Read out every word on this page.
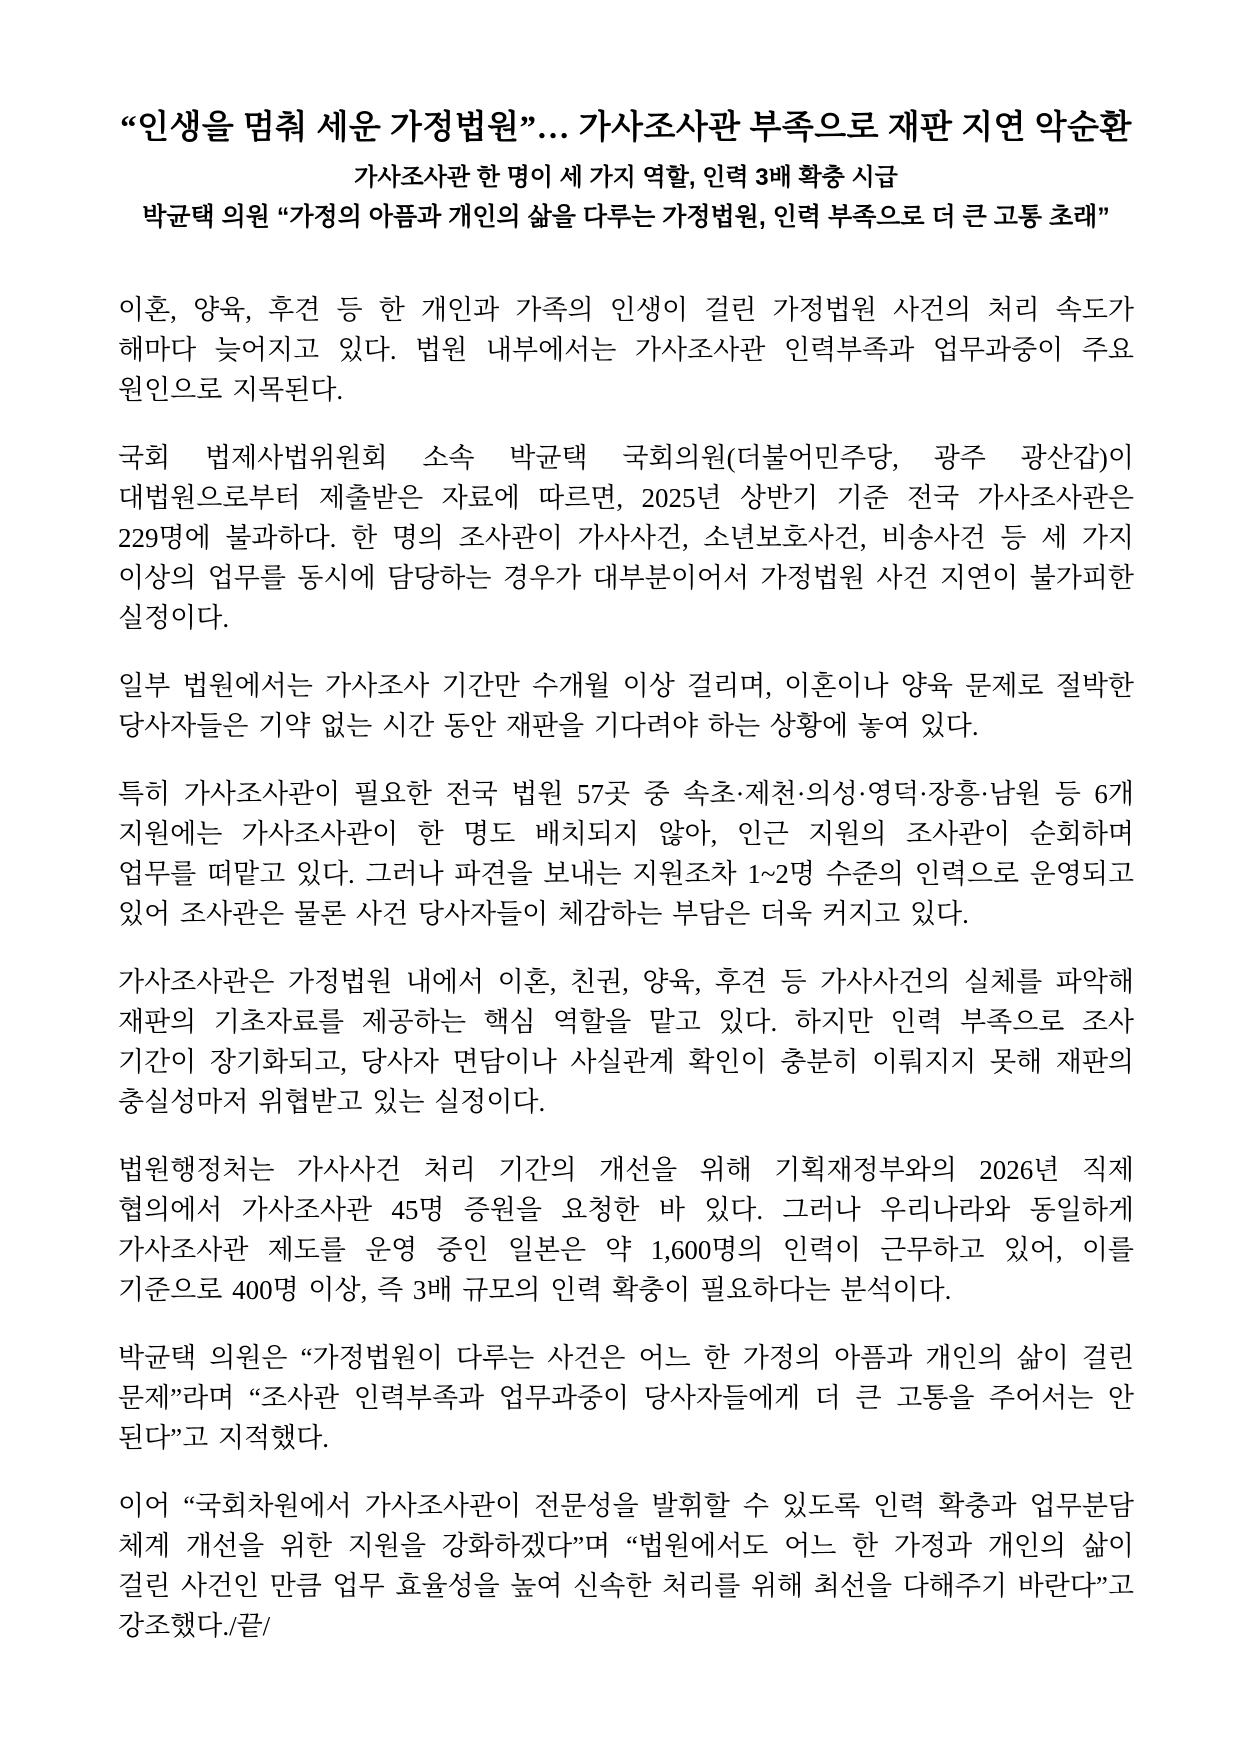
“인생을 멈춰 세운 가정법원”… 가사조사관 부족으로 재판 지연 악순환
가사조사관 한 명이 세 가지 역할, 인력 3배 확충 시급
박균택 의원 “가정의 아픔과 개인의 삶을 다루는 가정법원, 인력 부족으로 더 큰 고통 초래”

이혼, 양육, 후견 등 한 개인과 가족의 인생이 걸린 가정법원 사건의 처리 속도가 해마다 늦어지고 있다. 법원 내부에서는 가사조사관 인력부족과 업무과중이 주요 원인으로 지목된다.

국회 법제사법위원회 소속 박균택 국회의원(더불어민주당, 광주 광산갑)이 대법원으로부터 제출받은 자료에 따르면, 2025년 상반기 기준 전국 가사조사관은 229명에 불과하다. 한 명의 조사관이 가사사건, 소년보호사건, 비송사건 등 세 가지 이상의 업무를 동시에 담당하는 경우가 대부분이어서 가정법원 사건 지연이 불가피한 실정이다.

일부 법원에서는 가사조사 기간만 수개월 이상 걸리며, 이혼이나 양육 문제로 절박한 당사자들은 기약 없는 시간 동안 재판을 기다려야 하는 상황에 놓여 있다.

특히 가사조사관이 필요한 전국 법원 57곳 중 속초·제천·의성·영덕·장흥·남원 등 6개 지원에는 가사조사관이 한 명도 배치되지 않아, 인근 지원의 조사관이 순회하며 업무를 떠맡고 있다. 그러나 파견을 보내는 지원조차 1~2명 수준의 인력으로 운영되고 있어 조사관은 물론 사건 당사자들이 체감하는 부담은 더욱 커지고 있다.

가사조사관은 가정법원 내에서 이혼, 친권, 양육, 후견 등 가사사건의 실체를 파악해 재판의 기초자료를 제공하는 핵심 역할을 맡고 있다. 하지만 인력 부족으로 조사 기간이 장기화되고, 당사자 면담이나 사실관계 확인이 충분히 이뤄지지 못해 재판의 충실성마저 위협받고 있는 실정이다.

법원행정처는 가사사건 처리 기간의 개선을 위해 기획재정부와의 2026년 직제 협의에서 가사조사관 45명 증원을 요청한 바 있다. 그러나 우리나라와 동일하게 가사조사관 제도를 운영 중인 일본은 약 1,600명의 인력이 근무하고 있어, 이를 기준으로 400명 이상, 즉 3배 규모의 인력 확충이 필요하다는 분석이다.

박균택 의원은 “가정법원이 다루는 사건은 어느 한 가정의 아픔과 개인의 삶이 걸린 문제”라며 “조사관 인력부족과 업무과중이 당사자들에게 더 큰 고통을 주어서는 안 된다”고 지적했다.

이어 “국회차원에서 가사조사관이 전문성을 발휘할 수 있도록 인력 확충과 업무분담 체계 개선을 위한 지원을 강화하겠다”며 “법원에서도 어느 한 가정과 개인의 삶이 걸린 사건인 만큼 업무 효율성을 높여 신속한 처리를 위해 최선을 다해주기 바란다”고 강조했다./끝/
